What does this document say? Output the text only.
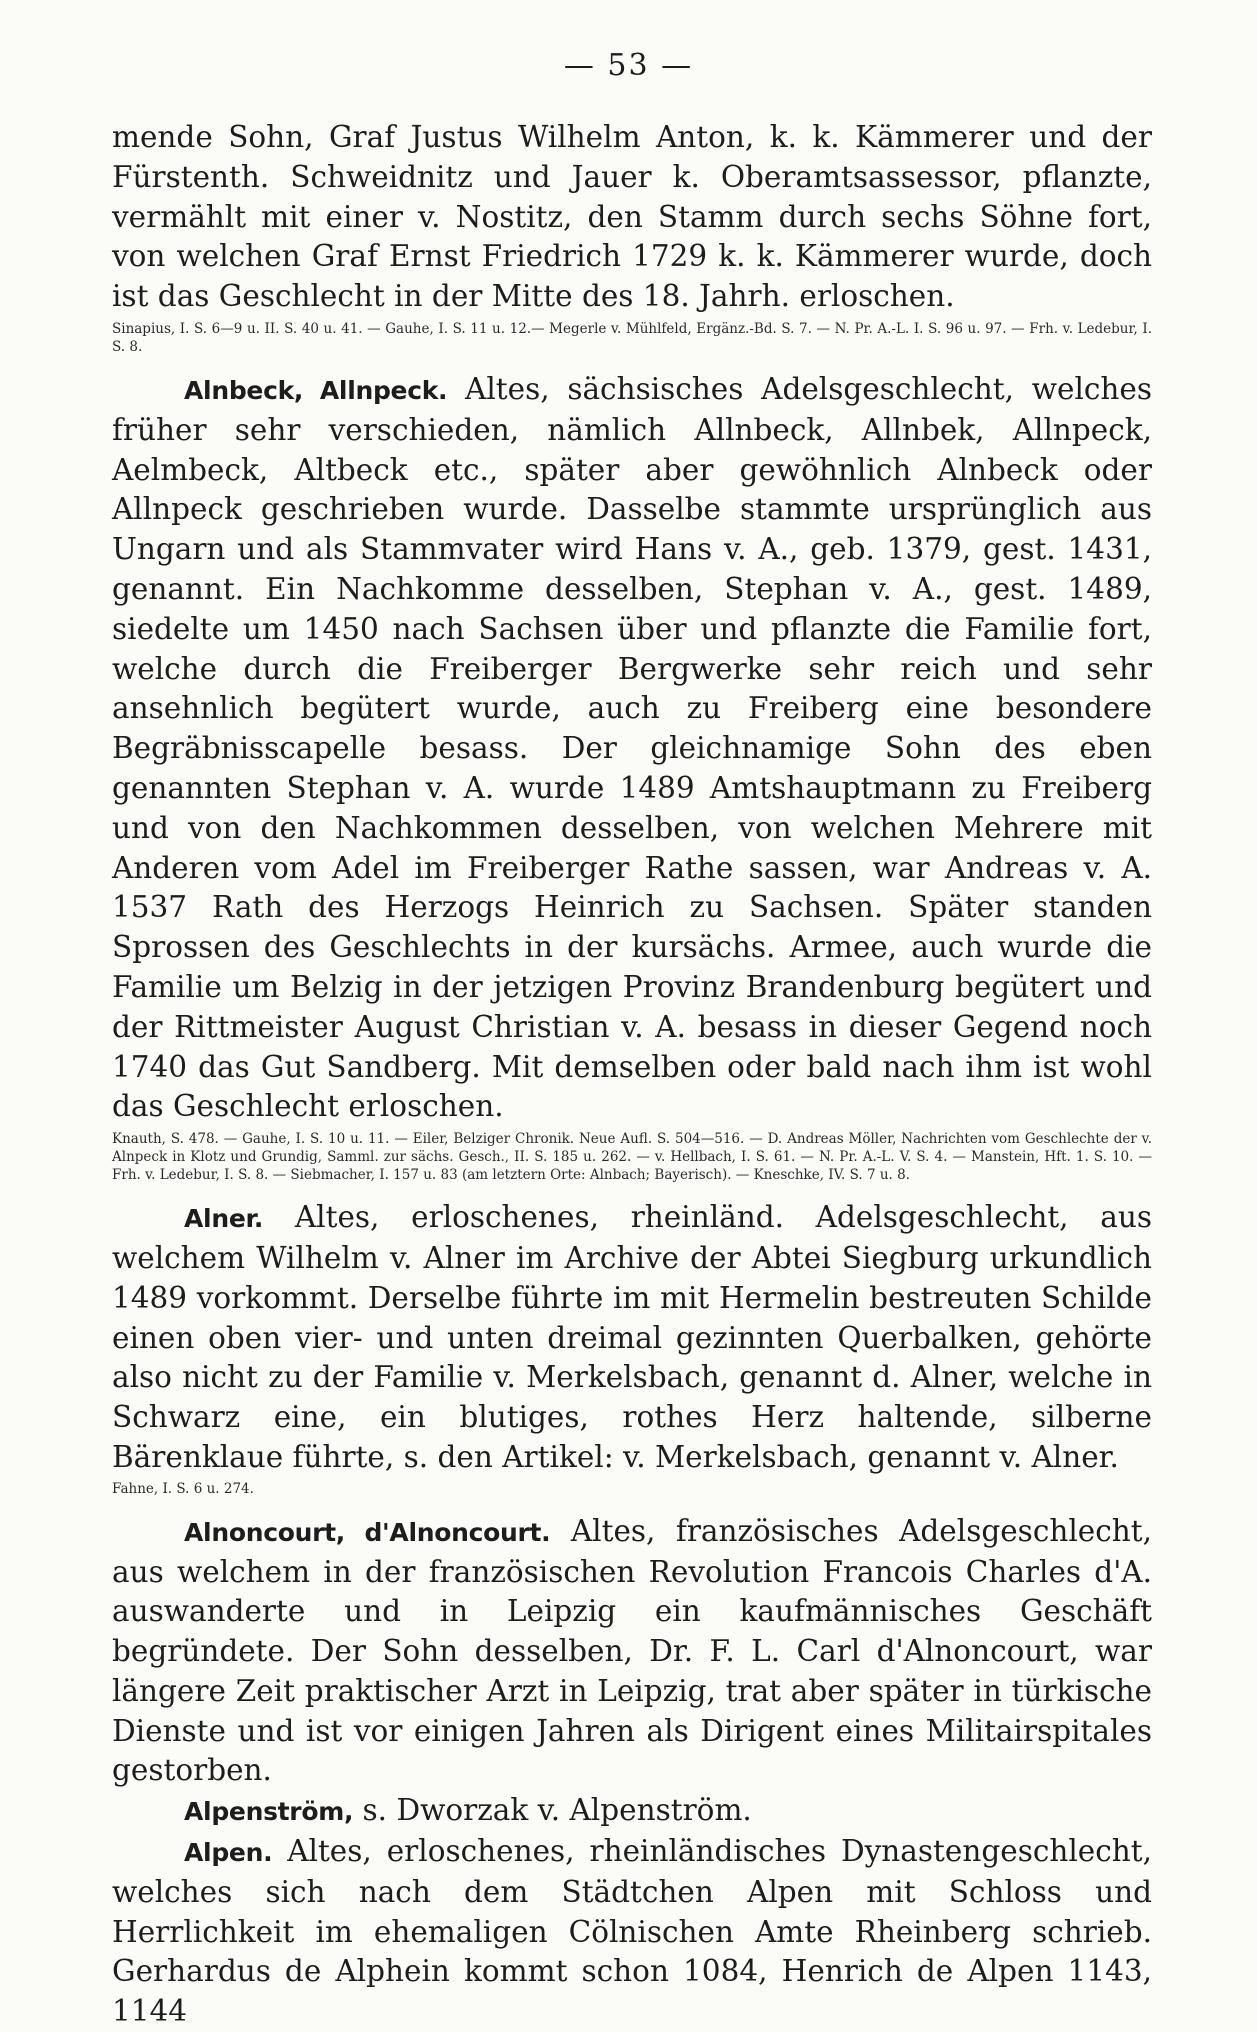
— 53 —

mende Sohn, Graf Justus Wilhelm Anton, k. k. Kämmerer und der Fürstenth. Schweidnitz und Jauer k. Oberamtsassessor, pflanzte, vermählt mit einer v. Nostitz, den Stamm durch sechs Söhne fort, von welchen Graf Ernst Friedrich 1729 k. k. Kämmerer wurde, doch ist das Geschlecht in der Mitte des 18. Jahrh. erloschen.

Sinapius, I. S. 6—9 u. II. S. 40 u. 41. — Gauhe, I. S. 11 u. 12.— Megerle v. Mühlfeld, Ergänz.-Bd. S. 7. — N. Pr. A.-L. I. S. 96 u. 97. — Frh. v. Ledebur, I. S. 8.

Alnbeck, Allnpeck. Altes, sächsisches Adelsgeschlecht, welches früher sehr verschieden, nämlich Allnbeck, Allnbek, Allnpeck, Aelmbeck, Altbeck etc., später aber gewöhnlich Alnbeck oder Allnpeck geschrieben wurde. Dasselbe stammte ursprünglich aus Ungarn und als Stammvater wird Hans v. A., geb. 1379, gest. 1431, genannt. Ein Nachkomme desselben, Stephan v. A., gest. 1489, siedelte um 1450 nach Sachsen über und pflanzte die Familie fort, welche durch die Freiberger Bergwerke sehr reich und sehr ansehnlich begütert wurde, auch zu Freiberg eine besondere Begräbnisscapelle besass. Der gleichnamige Sohn des eben genannten Stephan v. A. wurde 1489 Amtshauptmann zu Freiberg und von den Nachkommen desselben, von welchen Mehrere mit Anderen vom Adel im Freiberger Rathe sassen, war Andreas v. A. 1537 Rath des Herzogs Heinrich zu Sachsen. Später standen Sprossen des Geschlechts in der kursächs. Armee, auch wurde die Familie um Belzig in der jetzigen Provinz Brandenburg begütert und der Rittmeister August Christian v. A. besass in dieser Gegend noch 1740 das Gut Sandberg. Mit demselben oder bald nach ihm ist wohl das Geschlecht erloschen.

Knauth, S. 478. — Gauhe, I. S. 10 u. 11. — Eiler, Belziger Chronik. Neue Aufl. S. 504—516. — D. Andreas Möller, Nachrichten vom Geschlechte der v. Alnpeck in Klotz und Grundig, Samml. zur sächs. Gesch., II. S. 185 u. 262. — v. Hellbach, I. S. 61. — N. Pr. A.-L. V. S. 4. — Manstein, Hft. 1. S. 10. — Frh. v. Ledebur, I. S. 8. — Siebmacher, I. 157 u. 83 (am letztern Orte: Alnbach; Bayerisch). — Kneschke, IV. S. 7 u. 8.

Alner. Altes, erloschenes, rheinländ. Adelsgeschlecht, aus welchem Wilhelm v. Alner im Archive der Abtei Siegburg urkundlich 1489 vorkommt. Derselbe führte im mit Hermelin bestreuten Schilde einen oben vier- und unten dreimal gezinnten Querbalken, gehörte also nicht zu der Familie v. Merkelsbach, genannt d. Alner, welche in Schwarz eine, ein blutiges, rothes Herz haltende, silberne Bärenklaue führte, s. den Artikel: v. Merkelsbach, genannt v. Alner.

Fahne, I. S. 6 u. 274.

Alnoncourt, d'Alnoncourt. Altes, französisches Adelsgeschlecht, aus welchem in der französischen Revolution Francois Charles d'A. auswanderte und in Leipzig ein kaufmännisches Geschäft begründete. Der Sohn desselben, Dr. F. L. Carl d'Alnoncourt, war längere Zeit praktischer Arzt in Leipzig, trat aber später in türkische Dienste und ist vor einigen Jahren als Dirigent eines Militairspitales gestorben.

Alpenström, s. Dworzak v. Alpenström.

Alpen. Altes, erloschenes, rheinländisches Dynastengeschlecht, welches sich nach dem Städtchen Alpen mit Schloss und Herrlichkeit im ehemaligen Cölnischen Amte Rheinberg schrieb. Gerhardus de Alphein kommt schon 1084, Henrich de Alpen 1143, 1144
